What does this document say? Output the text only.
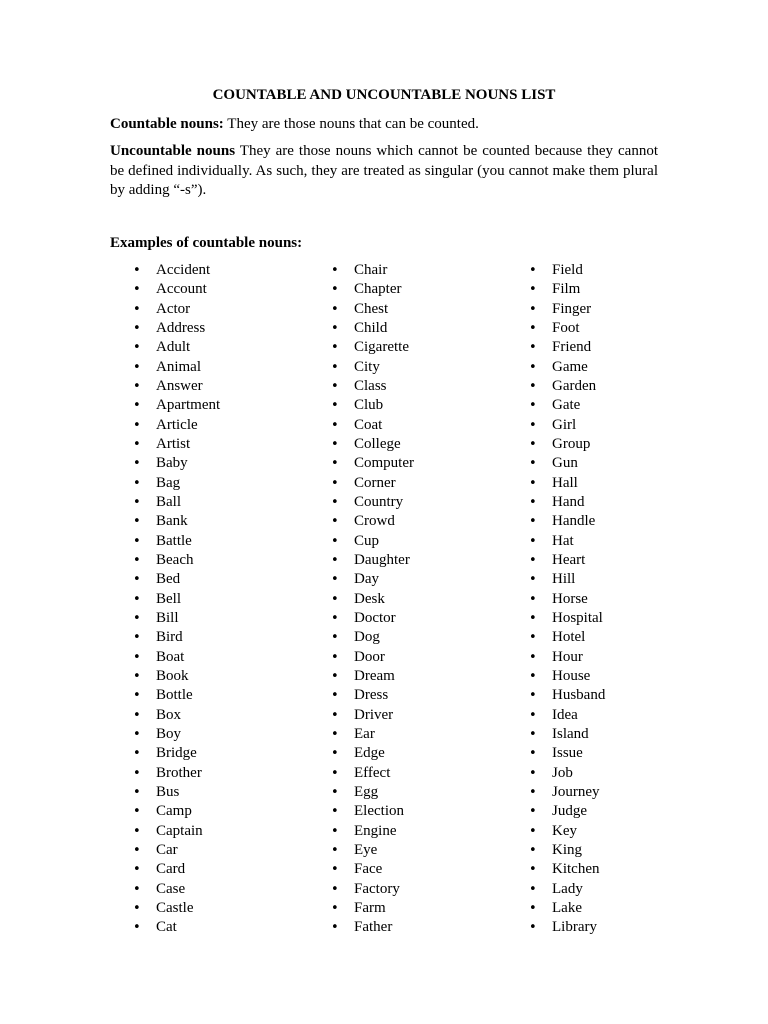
COUNTABLE AND UNCOUNTABLE NOUNS LIST
Countable nouns: They are those nouns that can be counted.
Uncountable nouns They are those nouns which cannot be counted because they cannot be defined individually. As such, they are treated as singular (you cannot make them plural by adding “-s”).
Examples of countable nouns:
• Accident
• Account
• Actor
• Address
• Adult
• Animal
• Answer
• Apartment
• Article
• Artist
• Baby
• Bag
• Ball
• Bank
• Battle
• Beach
• Bed
• Bell
• Bill
• Bird
• Boat
• Book
• Bottle
• Box
• Boy
• Bridge
• Brother
• Bus
• Camp
• Captain
• Car
• Card
• Case
• Castle
• Cat
• Chair
• Chapter
• Chest
• Child
• Cigarette
• City
• Class
• Club
• Coat
• College
• Computer
• Corner
• Country
• Crowd
• Cup
• Daughter
• Day
• Desk
• Doctor
• Dog
• Door
• Dream
• Dress
• Driver
• Ear
• Edge
• Effect
• Egg
• Election
• Engine
• Eye
• Face
• Factory
• Farm
• Father
• Field
• Film
• Finger
• Foot
• Friend
• Game
• Garden
• Gate
• Girl
• Group
• Gun
• Hall
• Hand
• Handle
• Hat
• Heart
• Hill
• Horse
• Hospital
• Hotel
• Hour
• House
• Husband
• Idea
• Island
• Issue
• Job
• Journey
• Judge
• Key
• King
• Kitchen
• Lady
• Lake
• Library
